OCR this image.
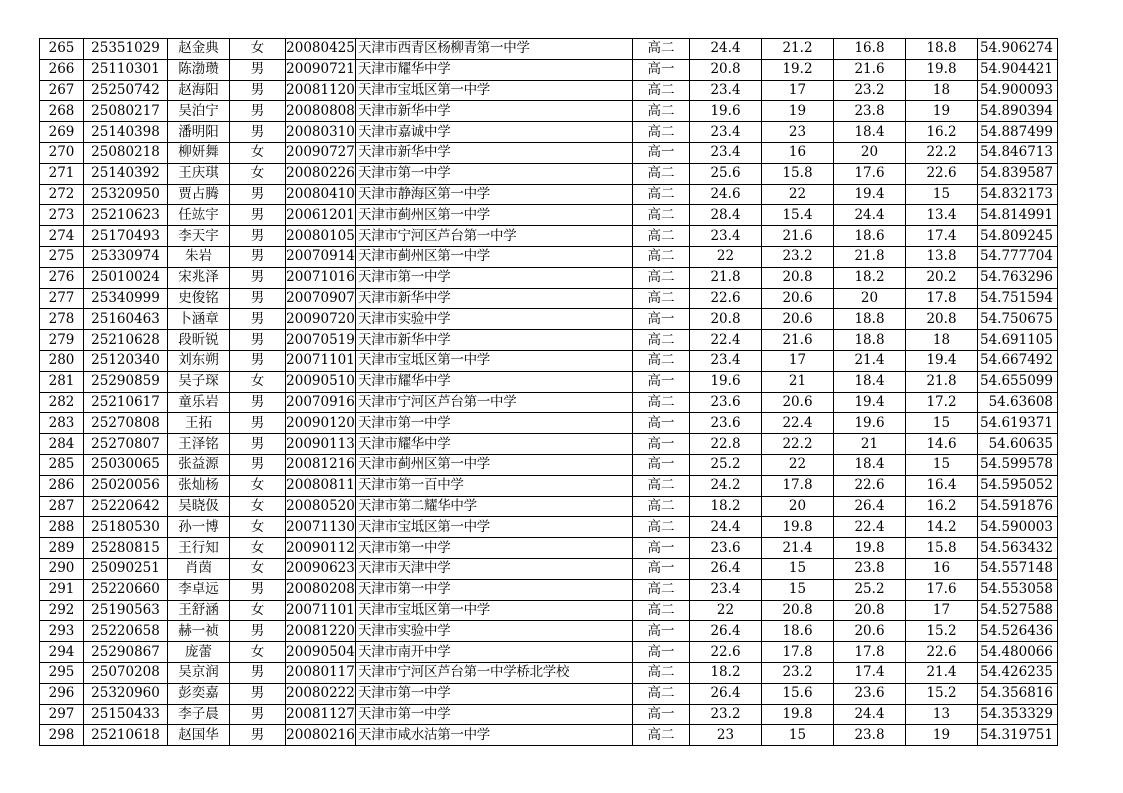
265	25351029	赵金典	女	20080425	天津市西青区杨柳青第一中学	高二	24.4	21.2	16.8	18.8	54.906274
266	25110301	陈渤瓒	男	20090721	天津市耀华中学	高一	20.8	19.2	21.6	19.8	54.904421
267	25250742	赵海阳	男	20081120	天津市宝坻区第一中学	高二	23.4	17	23.2	18	54.900093
268	25080217	吴泊宁	男	20080808	天津市新华中学	高二	19.6	19	23.8	19	54.890394
269	25140398	潘明阳	男	20080310	天津市嘉诚中学	高二	23.4	23	18.4	16.2	54.887499
270	25080218	柳妍舞	女	20090727	天津市新华中学	高一	23.4	16	20	22.2	54.846713
271	25140392	王庆琪	女	20080226	天津市第一中学	高二	25.6	15.8	17.6	22.6	54.839587
272	25320950	贾占腾	男	20080410	天津市静海区第一中学	高二	24.6	22	19.4	15	54.832173
273	25210623	任竑宇	男	20061201	天津市蓟州区第一中学	高二	28.4	15.4	24.4	13.4	54.814991
274	25170493	李天宇	男	20080105	天津市宁河区芦台第一中学	高二	23.4	21.6	18.6	17.4	54.809245
275	25330974	朱岩	男	20070914	天津市蓟州区第一中学	高二	22	23.2	21.8	13.8	54.777704
276	25010024	宋兆泽	男	20071016	天津市第一中学	高二	21.8	20.8	18.2	20.2	54.763296
277	25340999	史俊铭	男	20070907	天津市新华中学	高二	22.6	20.6	20	17.8	54.751594
278	25160463	卜涵章	男	20090720	天津市实验中学	高一	20.8	20.6	18.8	20.8	54.750675
279	25210628	段昕锐	男	20070519	天津市新华中学	高二	22.4	21.6	18.8	18	54.691105
280	25120340	刘东朔	男	20071101	天津市宝坻区第一中学	高二	23.4	17	21.4	19.4	54.667492
281	25290859	吴子琛	女	20090510	天津市耀华中学	高一	19.6	21	18.4	21.8	54.655099
282	25210617	童乐岩	男	20070916	天津市宁河区芦台第一中学	高二	23.6	20.6	19.4	17.2	54.63608
283	25270808	王拓	男	20090120	天津市第一中学	高一	23.6	22.4	19.6	15	54.619371
284	25270807	王泽铭	男	20090113	天津市耀华中学	高一	22.8	22.2	21	14.6	54.60635
285	25030065	张益源	男	20081216	天津市蓟州区第一中学	高一	25.2	22	18.4	15	54.599578
286	25020056	张灿杨	女	20080811	天津市第一百中学	高二	24.2	17.8	22.6	16.4	54.595052
287	25220642	吴晓伋	女	20080520	天津市第二耀华中学	高二	18.2	20	26.4	16.2	54.591876
288	25180530	孙一博	女	20071130	天津市宝坻区第一中学	高二	24.4	19.8	22.4	14.2	54.590003
289	25280815	王行知	女	20090112	天津市第一中学	高一	23.6	21.4	19.8	15.8	54.563432
290	25090251	肖茵	女	20090623	天津市天津中学	高一	26.4	15	23.8	16	54.557148
291	25220660	李卓远	男	20080208	天津市第一中学	高二	23.4	15	25.2	17.6	54.553058
292	25190563	王舒涵	女	20071101	天津市宝坻区第一中学	高二	22	20.8	20.8	17	54.527588
293	25220658	赫一祯	男	20081220	天津市实验中学	高一	26.4	18.6	20.6	15.2	54.526436
294	25290867	庞蕾	女	20090504	天津市南开中学	高一	22.6	17.8	17.8	22.6	54.480066
295	25070208	吴京润	男	20080117	天津市宁河区芦台第一中学桥北学校	高二	18.2	23.2	17.4	21.4	54.426235
296	25320960	彭奕嘉	男	20080222	天津市第一中学	高二	26.4	15.6	23.6	15.2	54.356816
297	25150433	李子晨	男	20081127	天津市第一中学	高一	23.2	19.8	24.4	13	54.353329
298	25210618	赵国华	男	20080216	天津市咸水沽第一中学	高二	23	15	23.8	19	54.319751
